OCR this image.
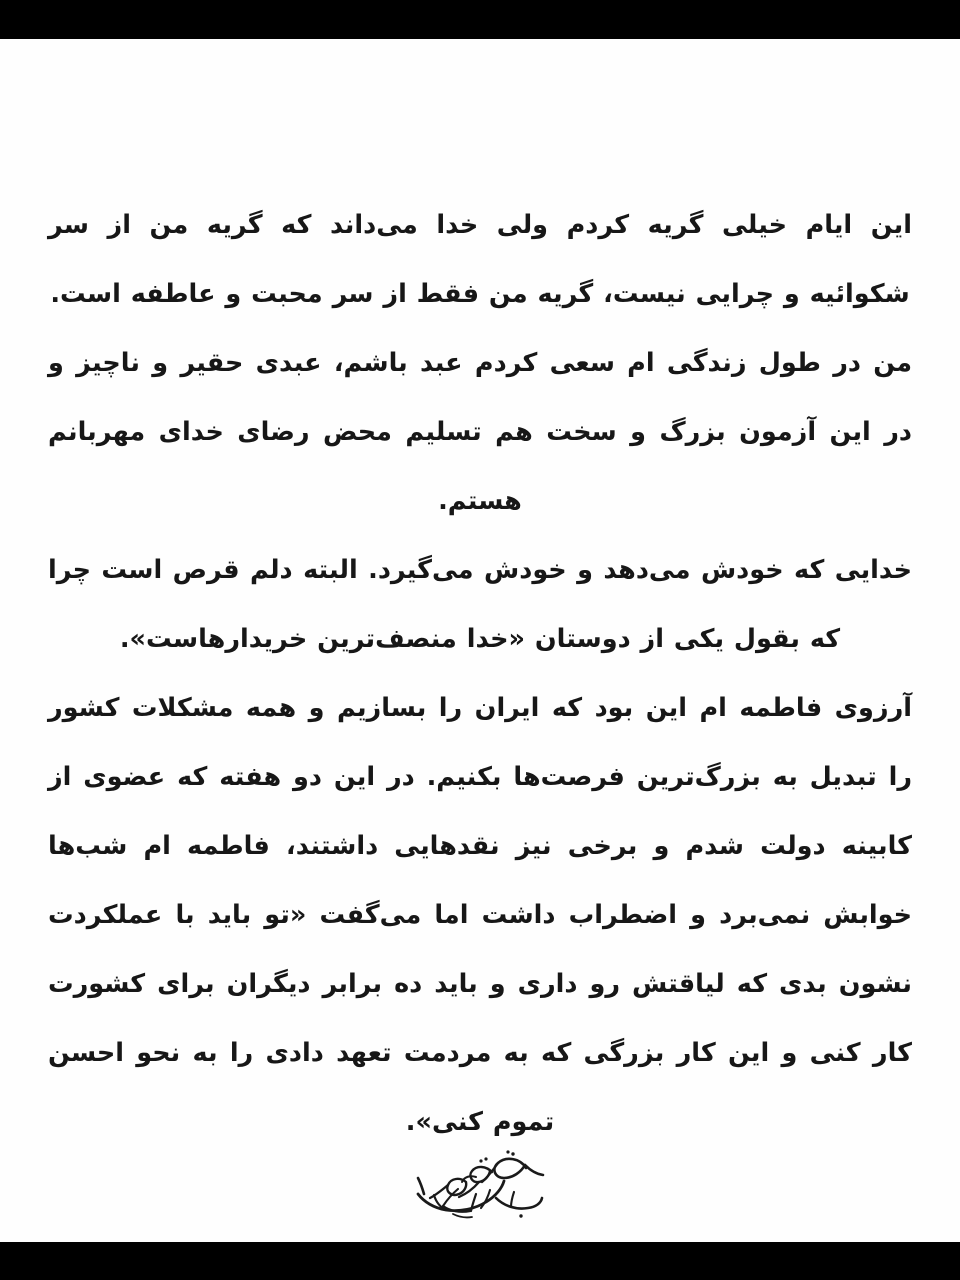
این ایام خیلی گریه کردم ولی خدا می‌داند که گریه من از سر شکوائیه و چرایی نیست، گریه من فقط از سر محبت و عاطفه است.

من در طول زندگی ام سعی کردم عبد باشم، عبدی حقیر و ناچیز و در این آزمون بزرگ و سخت هم تسلیم محض رضای خدای مهربانم هستم.

خدایی که خودش می‌دهد و خودش می‌گیرد. البته دلم قرص است چرا که بقول یکی از دوستان «خدا منصف‌ترین خریدارهاست».

آرزوی فاطمه ام این بود که ایران را بسازیم و همه مشکلات کشور را تبدیل به بزرگ‌ترین فرصت‌ها بکنیم. در این دو هفته که عضوی از کابینه دولت شدم و برخی نیز نقدهایی داشتند، فاطمه ام شب‌ها خوابش نمی‌برد و اضطراب داشت اما می‌گفت «تو باید با عملکردت نشون بدی که لیاقتش رو داری و باید ده برابر دیگران برای کشورت کار کنی و این کار بزرگی که به مردمت تعهد دادی را به نحو احسن تموم کنی».
